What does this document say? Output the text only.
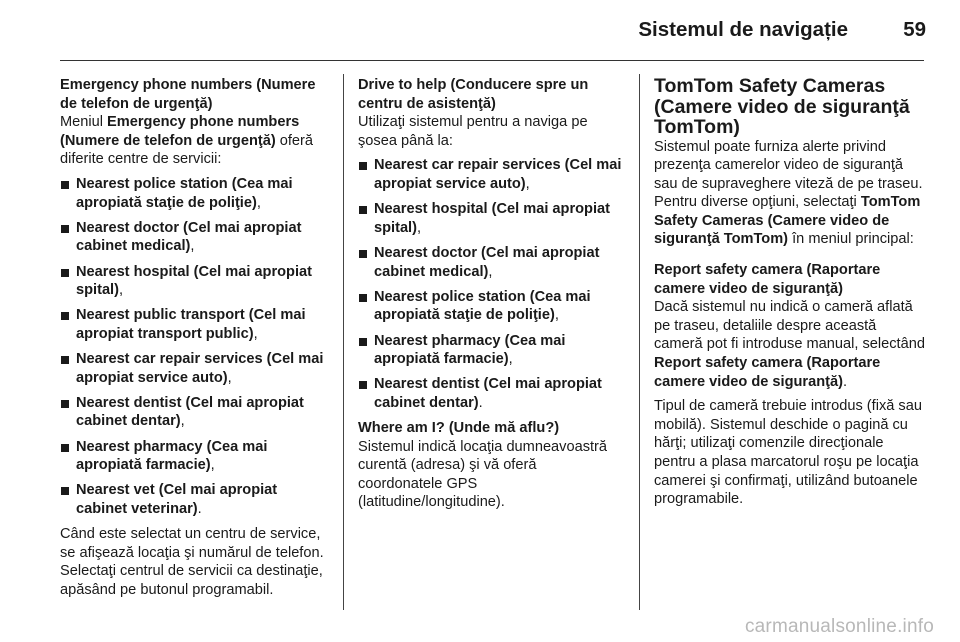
Sistemul de navigație	59
Emergency phone numbers (Numere de telefon de urgenţă)
Meniul Emergency phone numbers (Numere de telefon de urgenţă) oferă diferite centre de servicii:
Nearest police station (Cea mai apropiată staţie de poliţie),
Nearest doctor (Cel mai apropiat cabinet medical),
Nearest hospital (Cel mai apropiat spital),
Nearest public transport (Cel mai apropiat transport public),
Nearest car repair services (Cel mai apropiat service auto),
Nearest dentist (Cel mai apropiat cabinet dentar),
Nearest pharmacy (Cea mai apropiată farmacie),
Nearest vet (Cel mai apropiat cabinet veterinar).
Când este selectat un centru de service, se afişează locaţia şi numărul de telefon. Selectaţi centrul de servicii ca destinaţie, apăsând pe butonul programabil.
Drive to help (Conducere spre un centru de asistenţă)
Utilizaţi sistemul pentru a naviga pe şosea până la:
Nearest car repair services (Cel mai apropiat service auto),
Nearest hospital (Cel mai apropiat spital),
Nearest doctor (Cel mai apropiat cabinet medical),
Nearest police station (Cea mai apropiată staţie de poliţie),
Nearest pharmacy (Cea mai apropiată farmacie),
Nearest dentist (Cel mai apropiat cabinet dentar).
Where am I? (Unde mă aflu?)
Sistemul indică locaţia dumneavoastră curentă (adresa) şi vă oferă coordonatele GPS (latitudine/longitudine).
TomTom Safety Cameras (Camere video de siguranţă TomTom)
Sistemul poate furniza alerte privind prezenţa camerelor video de siguranţă sau de supraveghere viteză de pe traseu. Pentru diverse opţiuni, selectaţi TomTom Safety Cameras (Camere video de siguranţă TomTom) în meniul principal:
Report safety camera (Raportare camere video de siguranţă)
Dacă sistemul nu indică o cameră aflată pe traseu, detaliile despre această cameră pot fi introduse manual, selectând Report safety camera (Raportare camere video de siguranţă).
Tipul de cameră trebuie introdus (fixă sau mobilă). Sistemul deschide o pagină cu hărţi; utilizaţi comenzile direcţionale pentru a plasa marcatorul roşu pe locaţia camerei şi confirmaţi, utilizând butoanele programabile.
carmanualsonline.info
